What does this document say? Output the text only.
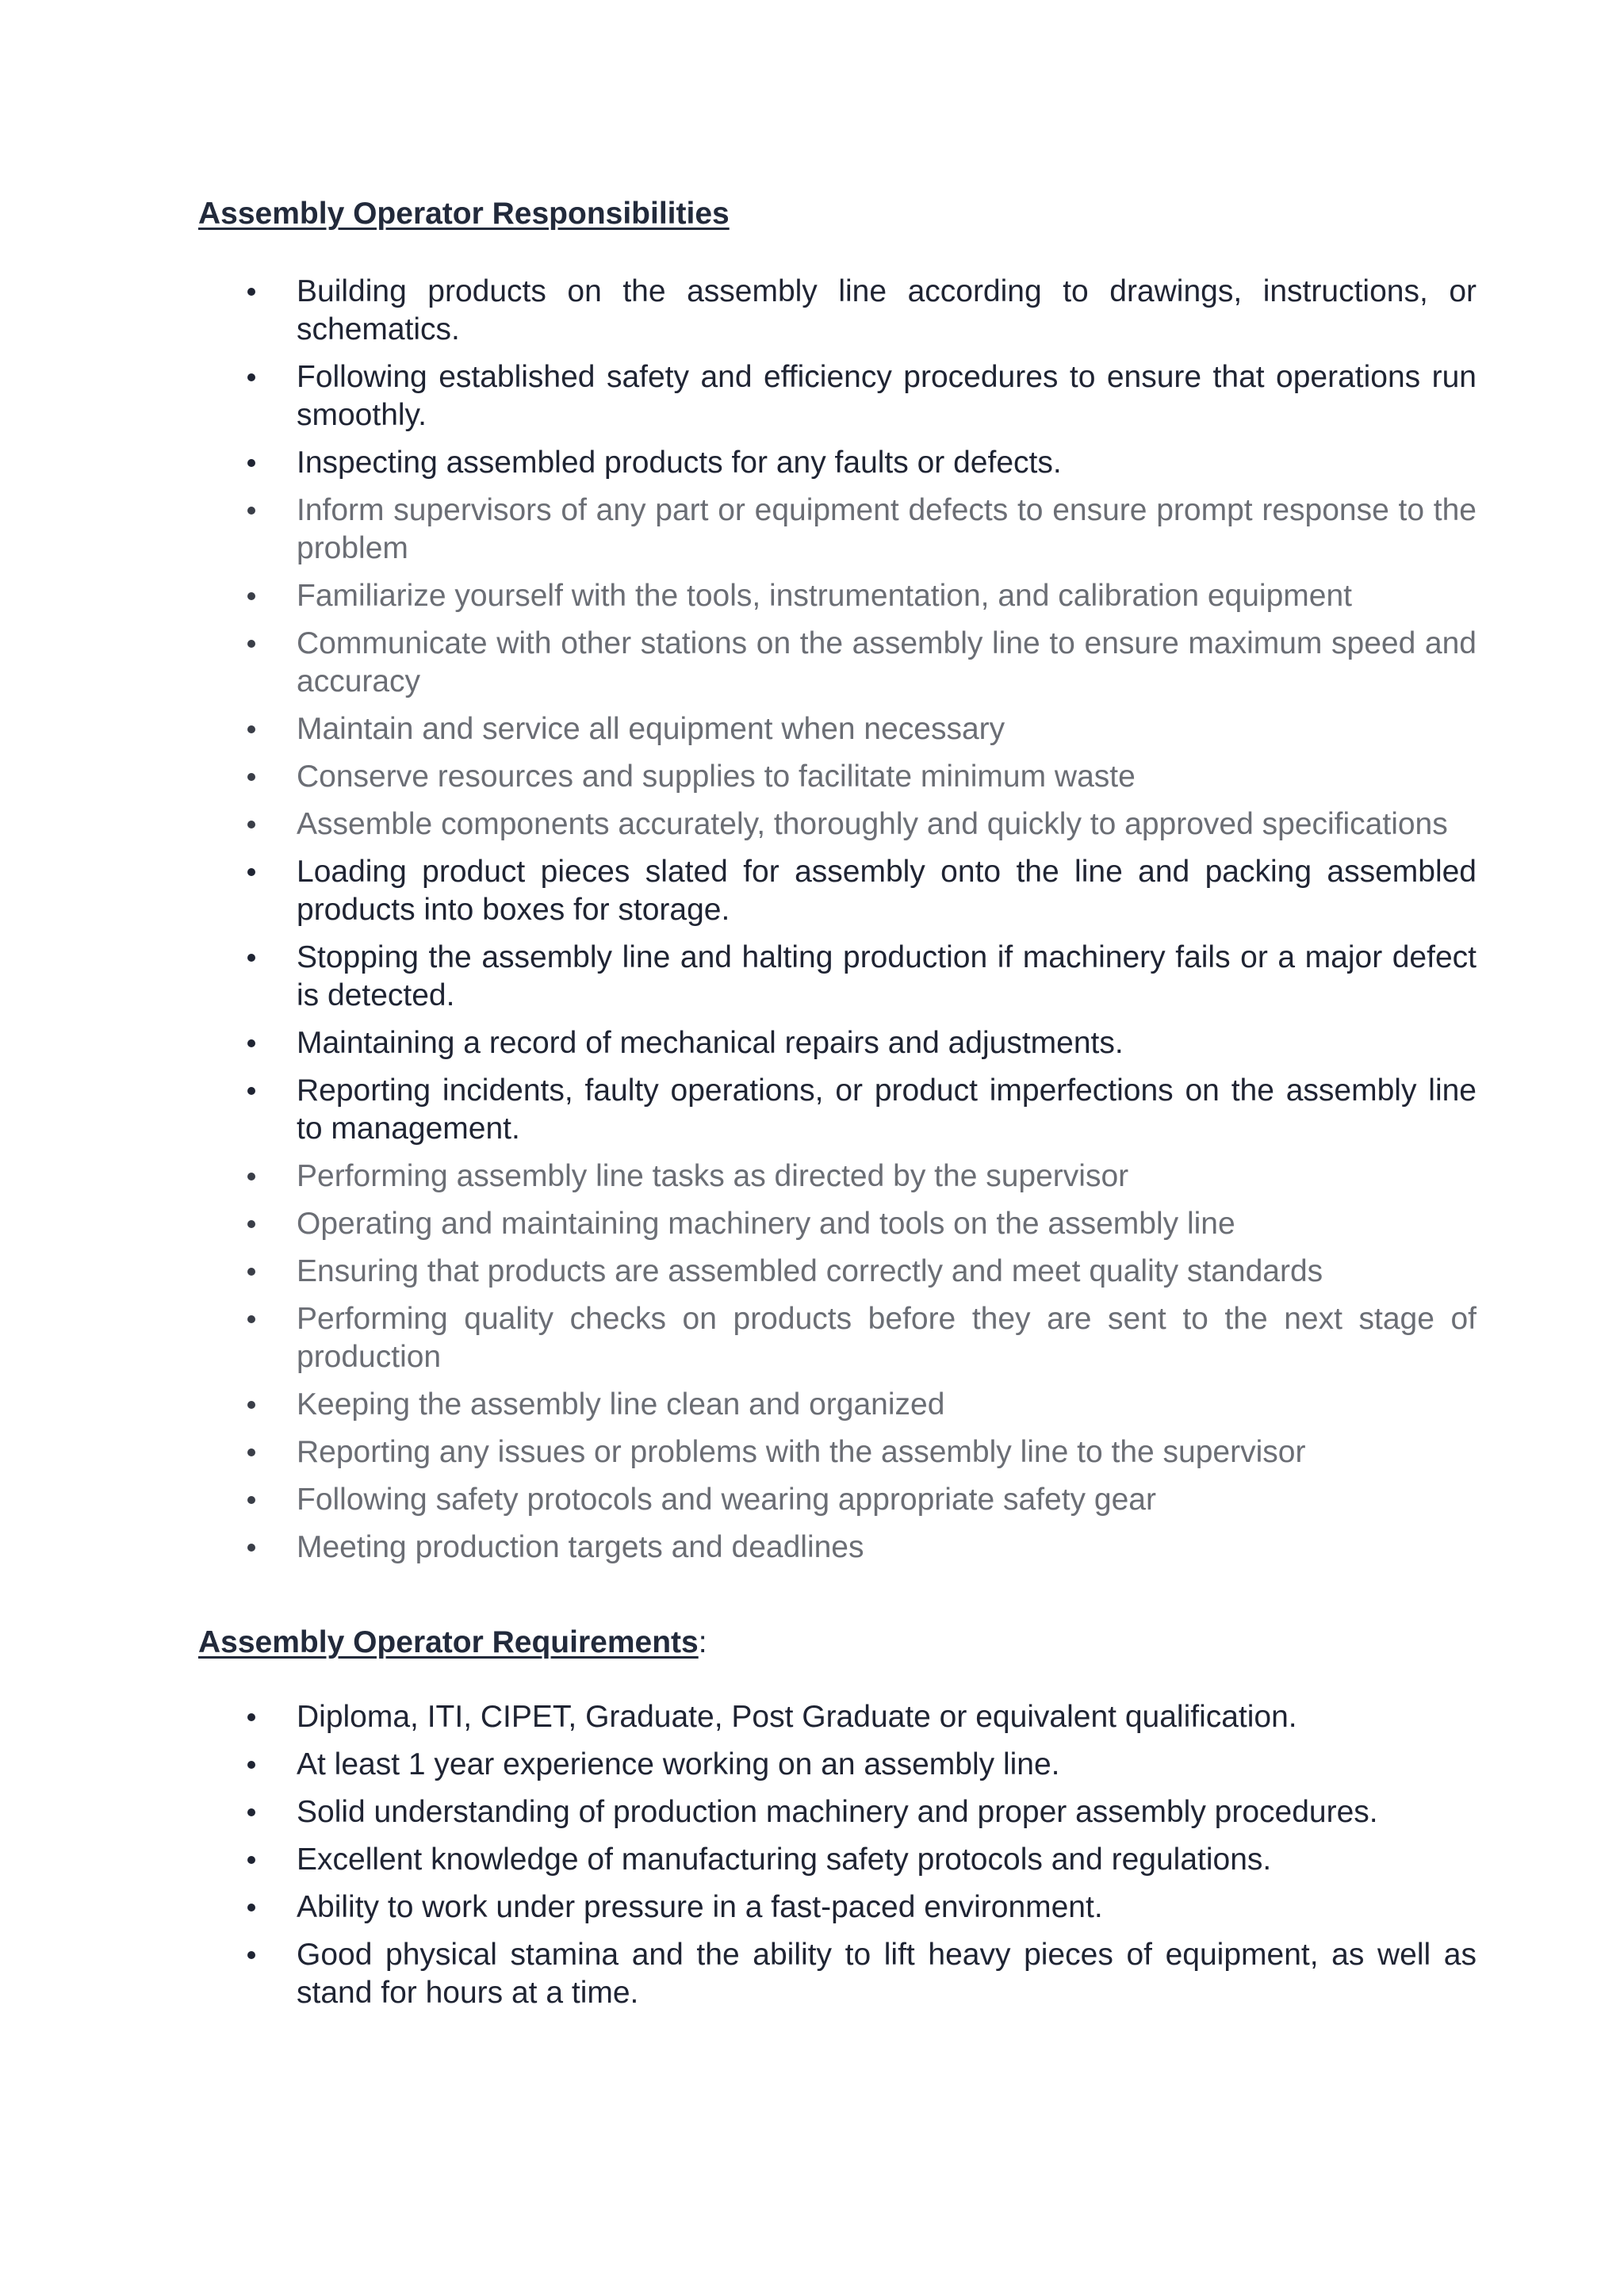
Assembly Operator Responsibilities
Building products on the assembly line according to drawings, instructions, or schematics.
Following established safety and efficiency procedures to ensure that operations run smoothly.
Inspecting assembled products for any faults or defects.
Inform supervisors of any part or equipment defects to ensure prompt response to the problem
Familiarize yourself with the tools, instrumentation, and calibration equipment
Communicate with other stations on the assembly line to ensure maximum speed and accuracy
Maintain and service all equipment when necessary
Conserve resources and supplies to facilitate minimum waste
Assemble components accurately, thoroughly and quickly to approved specifications
Loading product pieces slated for assembly onto the line and packing assembled products into boxes for storage.
Stopping the assembly line and halting production if machinery fails or a major defect is detected.
Maintaining a record of mechanical repairs and adjustments.
Reporting incidents, faulty operations, or product imperfections on the assembly line to management.
Performing assembly line tasks as directed by the supervisor
Operating and maintaining machinery and tools on the assembly line
Ensuring that products are assembled correctly and meet quality standards
Performing quality checks on products before they are sent to the next stage of production
Keeping the assembly line clean and organized
Reporting any issues or problems with the assembly line to the supervisor
Following safety protocols and wearing appropriate safety gear
Meeting production targets and deadlines
Assembly Operator Requirements:
Diploma, ITI, CIPET, Graduate, Post Graduate or equivalent qualification.
At least 1 year experience working on an assembly line.
Solid understanding of production machinery and proper assembly procedures.
Excellent knowledge of manufacturing safety protocols and regulations.
Ability to work under pressure in a fast-paced environment.
Good physical stamina and the ability to lift heavy pieces of equipment, as well as stand for hours at a time.
